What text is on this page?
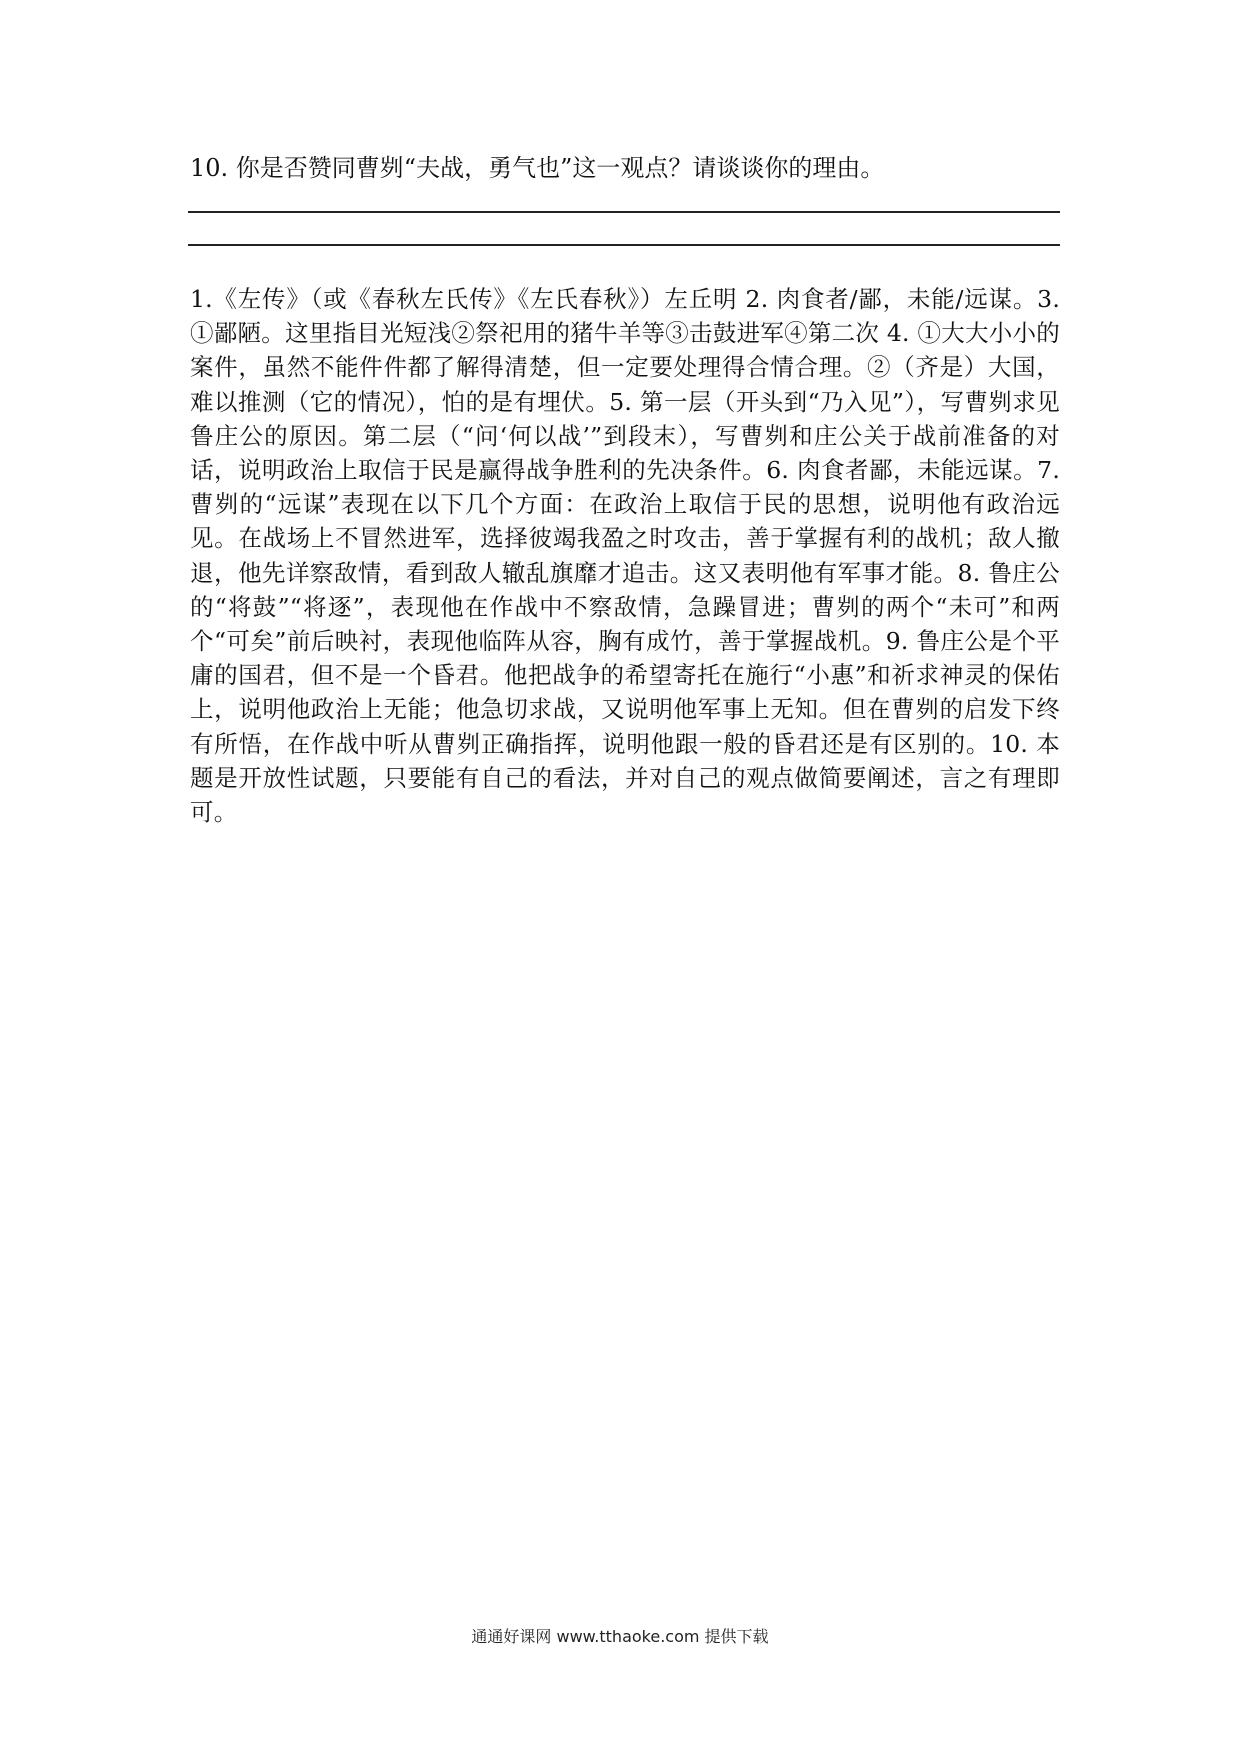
10. 你是否赞同曹刿“夫战，勇气也”这一观点？请谈谈你的理由。

1.《左传》（或《春秋左氏传》《左氏春秋》）左丘明 2. 肉食者/鄙，未能/远谋。3. ①鄙陋。这里指目光短浅②祭祀用的猪牛羊等③击鼓进军④第二次 4. ①大大小小的案件，虽然不能件件都了解得清楚，但一定要处理得合情合理。②（齐是）大国，难以推测（它的情况），怕的是有埋伏。5. 第一层（开头到“乃入见”），写曹刿求见鲁庄公的原因。第二层（“问‘何以战’”到段末），写曹刿和庄公关于战前准备的对话，说明政治上取信于民是赢得战争胜利的先决条件。6. 肉食者鄙，未能远谋。7. 曹刿的“远谋”表现在以下几个方面：在政治上取信于民的思想，说明他有政治远见。在战场上不冒然进军，选择彼竭我盈之时攻击，善于掌握有利的战机；敌人撤退，他先详察敌情，看到敌人辙乱旗靡才追击。这又表明他有军事才能。8. 鲁庄公的“将鼓”“将逐”，表现他在作战中不察敌情，急躁冒进；曹刿的两个“未可”和两个“可矣”前后映衬，表现他临阵从容，胸有成竹，善于掌握战机。9. 鲁庄公是个平庸的国君，但不是一个昏君。他把战争的希望寄托在施行“小惠”和祈求神灵的保佑上，说明他政治上无能；他急切求战，又说明他军事上无知。但在曹刿的启发下终有所悟，在作战中听从曹刿正确指挥，说明他跟一般的昏君还是有区别的。10. 本题是开放性试题，只要能有自己的看法，并对自己的观点做简要阐述，言之有理即可。

通通好课网 www.tthaoke.com 提供下载
